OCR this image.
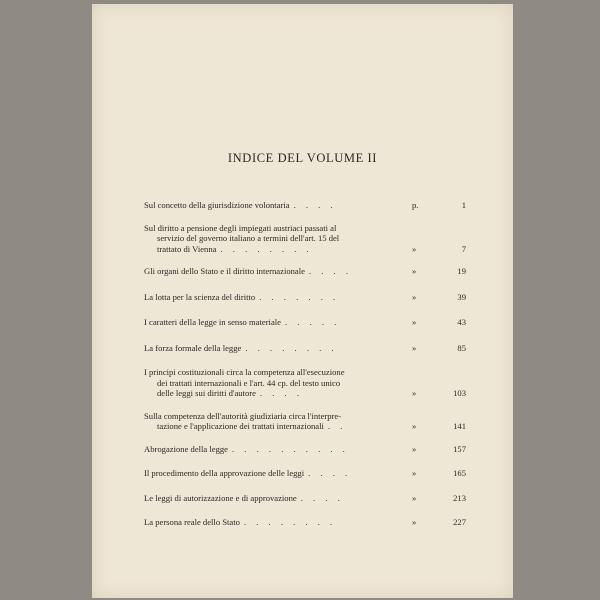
INDICE DEL VOLUME II
Sul concetto della giurisdizione volontaria . . . .	p.	1
Sul diritto a pensione degli impiegati austriaci passati al
servizio del governo italiano a termini dell'art. 15 del
trattato di Vienna . . . . . . . .	»	7
Gli organi dello Stato e il diritto internazionale . . . .	»	19
La lotta per la scienza del diritto . . . . . . .	»	39
I caratteri della legge in senso materiale . . . . .	»	43
La forza formale della legge . . . . . . . .	»	85
I principi costituzionali circa la competenza all'esecuzione
dei trattati internazionali e l'art. 44 cp. del testo unico
delle leggi sui diritti d'autore . . . .	»	103
Sulla competenza dell'autorità giudiziaria circa l'interpre-
tazione e l'applicazione dei trattati internazionali . .	»	141
Abrogazione della legge . . . . . . . . . .	»	157
Il procedimento della approvazione delle leggi . . . .	»	165
Le leggi di autorizzazione e di approvazione . . . .	»	213
La persona reale dello Stato . . . . . . . .	»	227
